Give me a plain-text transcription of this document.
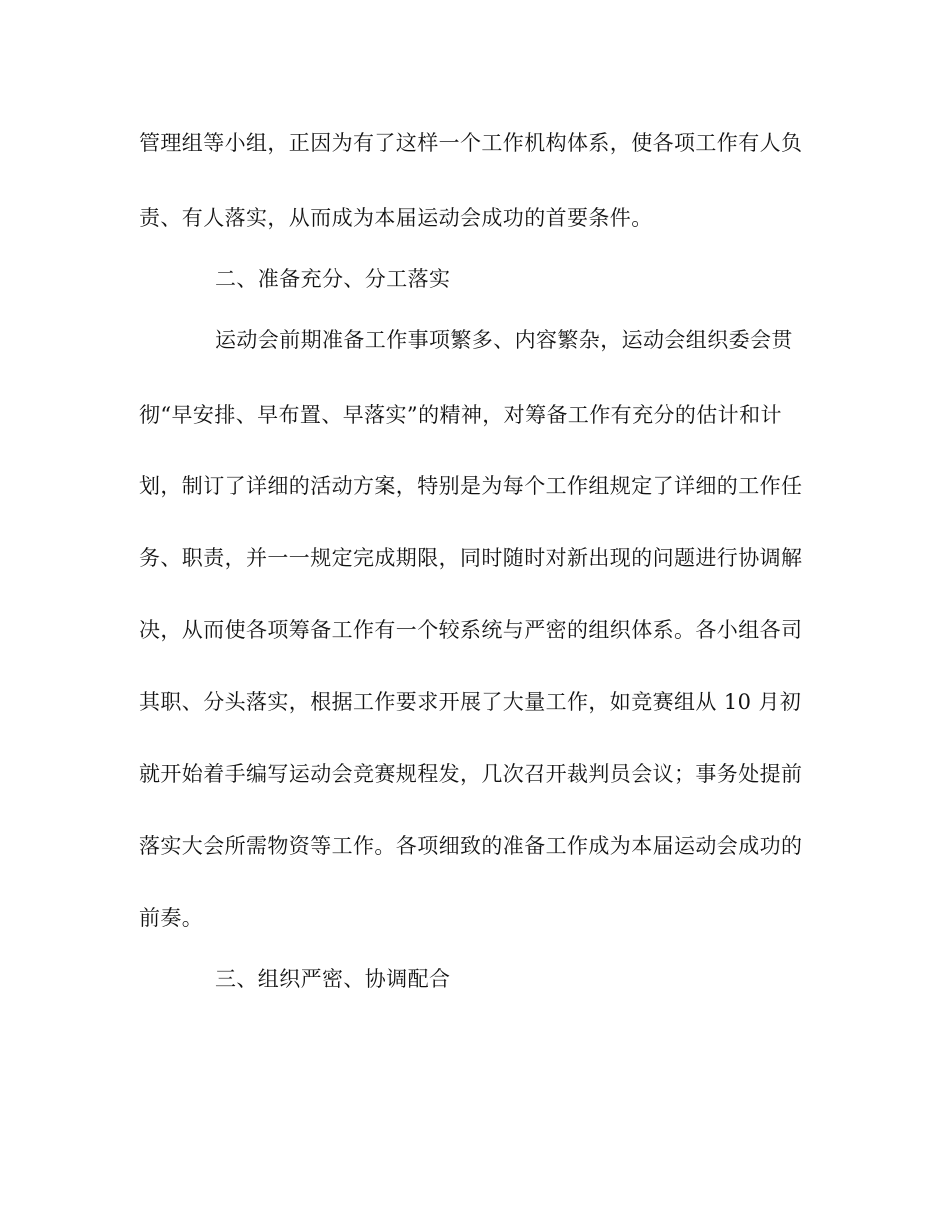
管理组等小组，正因为有了这样一个工作机构体系，使各项工作有人负
责、有人落实，从而成为本届运动会成功的首要条件。
二、准备充分、分工落实
运动会前期准备工作事项繁多、内容繁杂，运动会组织委会贯
彻“早安排、早布置、早落实”的精神，对筹备工作有充分的估计和计
划，制订了详细的活动方案，特别是为每个工作组规定了详细的工作任
务、职责，并一一规定完成期限，同时随时对新出现的问题进行协调解
决，从而使各项筹备工作有一个较系统与严密的组织体系。各小组各司
其职、分头落实，根据工作要求开展了大量工作，如竞赛组从 10 月初
就开始着手编写运动会竞赛规程发，几次召开裁判员会议；事务处提前
落实大会所需物资等工作。各项细致的准备工作成为本届运动会成功的
前奏。
三、组织严密、协调配合
